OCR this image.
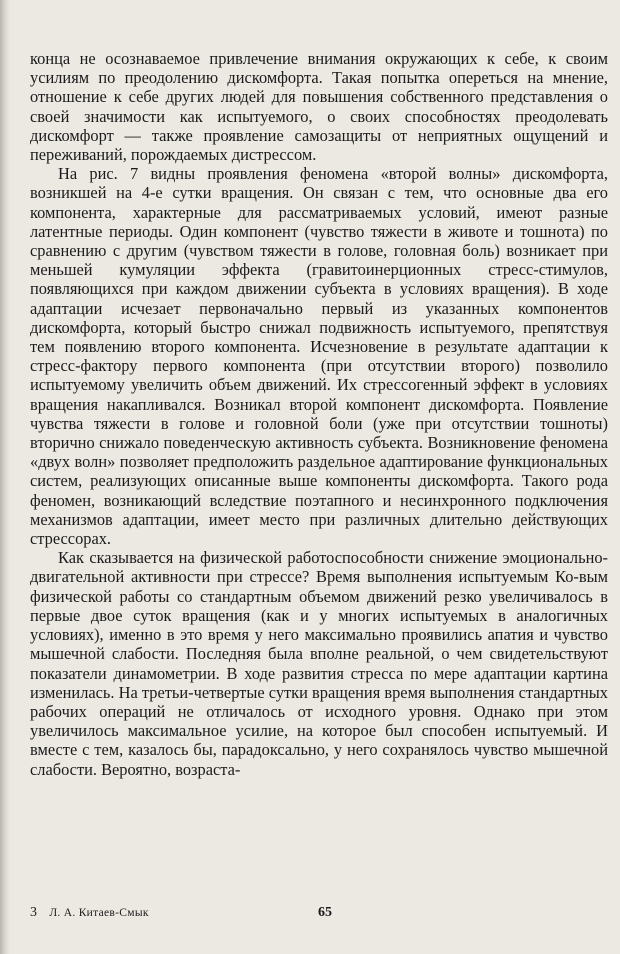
конца не осознаваемое привлечение внимания окружающих к себе, к своим усилиям по преодолению дискомфорта. Такая попытка опереться на мнение, отношение к себе других людей для повышения собственного представления о своей значимости как испытуемого, о своих способностях преодолевать дискомфорт — также проявление самозащиты от неприятных ощущений и переживаний, порождаемых дистрессом.

На рис. 7 видны проявления феномена «второй волны» дискомфорта, возникшей на 4-е сутки вращения. Он связан с тем, что основные два его компонента, характерные для рассматриваемых условий, имеют разные латентные периоды. Один компонент (чувство тяжести в животе и тошнота) по сравнению с другим (чувством тяжести в голове, головная боль) возникает при меньшей кумуляции эффекта (гравитоинерционных стресс-стимулов, появляющихся при каждом движении субъекта в условиях вращения). В ходе адаптации исчезает первоначально первый из указанных компонентов дискомфорта, который быстро снижал подвижность испытуемого, препятствуя тем появлению второго компонента. Исчезновение в результате адаптации к стресс-фактору первого компонента (при отсутствии второго) позволило испытуемому увеличить объем движений. Их стрессогенный эффект в условиях вращения накапливался. Возникал второй компонент дискомфорта. Появление чувства тяжести в голове и головной боли (уже при отсутствии тошноты) вторично снижало поведенческую активность субъекта. Возникновение феномена «двух волн» позволяет предположить раздельное адаптирование функциональных систем, реализующих описанные выше компоненты дискомфорта. Такого рода феномен, возникающий вследствие поэтапного и несинхронного подключения механизмов адаптации, имеет место при различных длительно действующих стрессорах.

Как сказывается на физической работоспособности снижение эмоционально-двигательной активности при стрессе? Время выполнения испытуемым Ко-вым физической работы со стандартным объемом движений резко увеличивалось в первые двое суток вращения (как и у многих испытуемых в аналогичных условиях), именно в это время у него максимально проявились апатия и чувство мышечной слабости. Последняя была вполне реальной, о чем свидетельствуют показатели динамометрии. В ходе развития стресса по мере адаптации картина изменилась. На третьи-четвертые сутки вращения время выполнения стандартных рабочих операций не отличалось от исходного уровня. Однако при этом увеличилось максимальное усилие, на которое был способен испытуемый. И вместе с тем, казалось бы, парадоксально, у него сохранялось чувство мышечной слабости. Вероятно, возраста-

3 Л. А. Китаев-Смык	65
